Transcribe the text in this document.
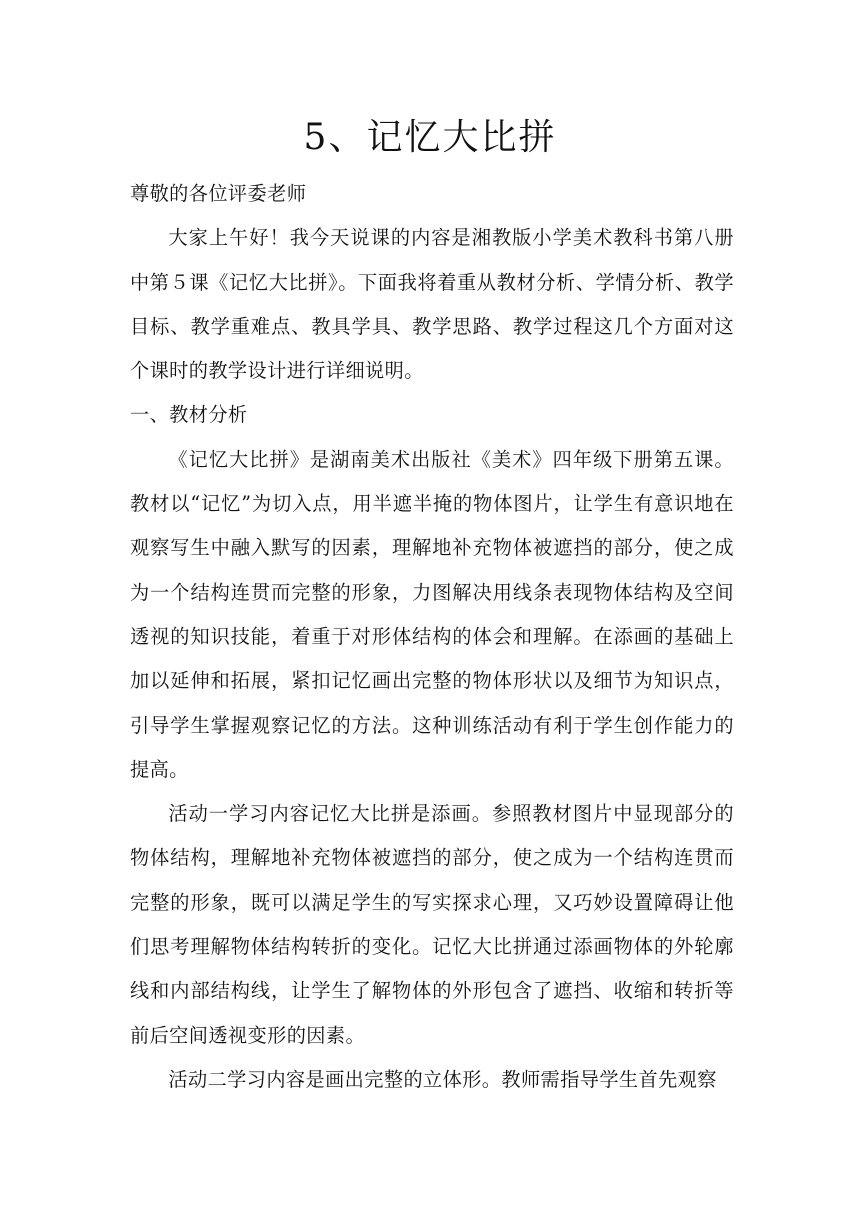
5、记忆大比拼

尊敬的各位评委老师

大家上午好！我今天说课的内容是湘教版小学美术教科书第八册中第５课《记忆大比拼》。下面我将着重从教材分析、学情分析、教学目标、教学重难点、教具学具、教学思路、教学过程这几个方面对这个课时的教学设计进行详细说明。

一、教材分析

《记忆大比拼》是湖南美术出版社《美术》四年级下册第五课。教材以“记忆”为切入点，用半遮半掩的物体图片，让学生有意识地在观察写生中融入默写的因素，理解地补充物体被遮挡的部分，使之成为一个结构连贯而完整的形象，力图解决用线条表现物体结构及空间透视的知识技能，着重于对形体结构的体会和理解。在添画的基础上加以延伸和拓展，紧扣记忆画出完整的物体形状以及细节为知识点，引导学生掌握观察记忆的方法。这种训练活动有利于学生创作能力的提高。

活动一学习内容记忆大比拼是添画。参照教材图片中显现部分的物体结构，理解地补充物体被遮挡的部分，使之成为一个结构连贯而完整的形象，既可以满足学生的写实探求心理，又巧妙设置障碍让他们思考理解物体结构转折的变化。记忆大比拼通过添画物体的外轮廓线和内部结构线，让学生了解物体的外形包含了遮挡、收缩和转折等前后空间透视变形的因素。

活动二学习内容是画出完整的立体形。教师需指导学生首先观察
